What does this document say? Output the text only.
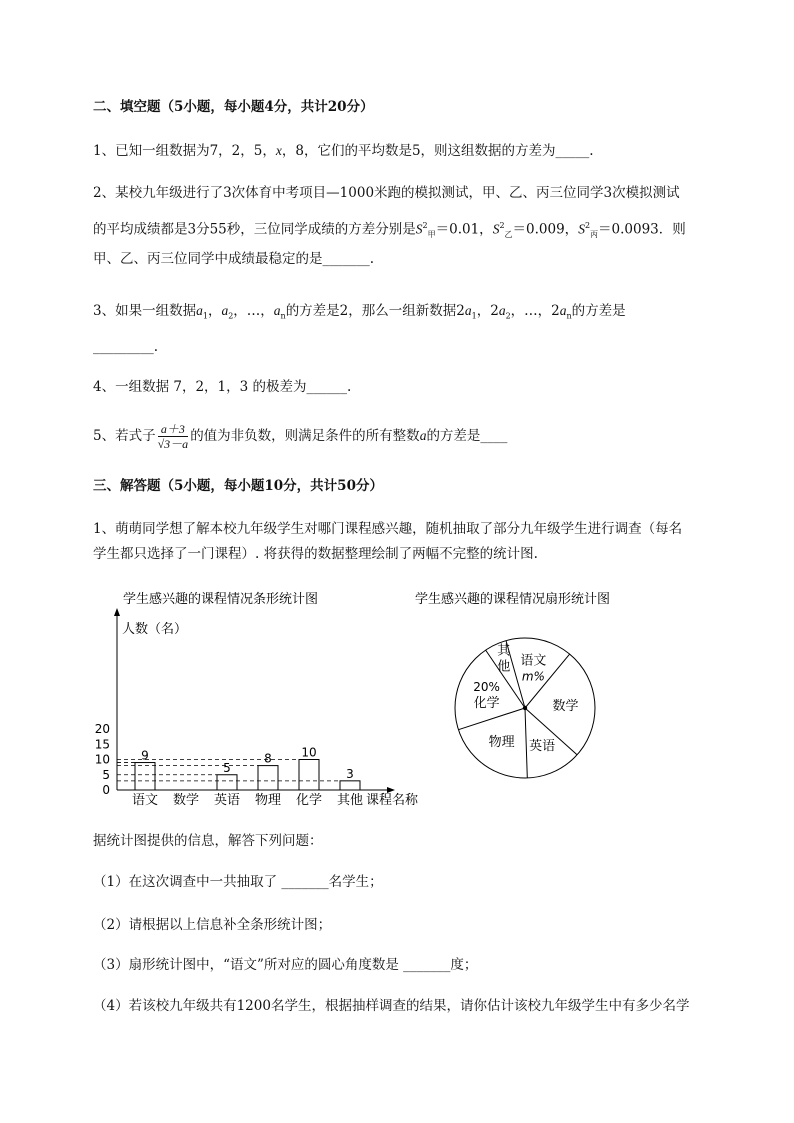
二、填空题（5小题，每小题4分，共计20分）
1、已知一组数据为7，2，5，x，8，它们的平均数是5，则这组数据的方差为_____.
2、某校九年级进行了3次体育中考项目—1000米跑的模拟测试，甲、乙、丙三位同学3次模拟测试
的平均成绩都是3分55秒，三位同学成绩的方差分别是$S^2_甲=0.01$，$S^2_乙=0.009$，$S^2_丙=0.0093$．则
甲、乙、丙三位同学中成绩最稳定的是_______.
3、如果一组数据$a_1$，$a_2$，…，$a_n$的方差是2，那么一组新数据$2a_1$，$2a_2$，…，$2a_n$的方差是
_________.
4、一组数据 7，2，1，3 的极差为______.
5、若式子 $\frac{a+3}{√3-a}$ 的值为非负数，则满足条件的所有整数a的方差是____
三、解答题（5小题，每小题10分，共计50分）
1、萌萌同学想了解本校九年级学生对哪门课程感兴趣，随机抽取了部分九年级学生进行调查（每名
学生都只选择了一门课程）. 将获得的数据整理绘制了两幅不完整的统计图.
学生感兴趣的课程情况条形统计图
人数（名）
课程名称
0
5
10
15
20
9
语文 数学
5
英语
8
物理
10
化学
3
其他
学生感兴趣的课程情况扇形统计图
其
他 语文
m%
数学
英语
物理
20%
化学
据统计图提供的信息，解答下列问题：
（1）在这次调查中一共抽取了 _______名学生；
（2）请根据以上信息补全条形统计图；
（3）扇形统计图中，“语文”所对应的圆心角度数是 _______度；
（4）若该校九年级共有1200名学生，根据抽样调查的结果，请你估计该校九年级学生中有多少名学
